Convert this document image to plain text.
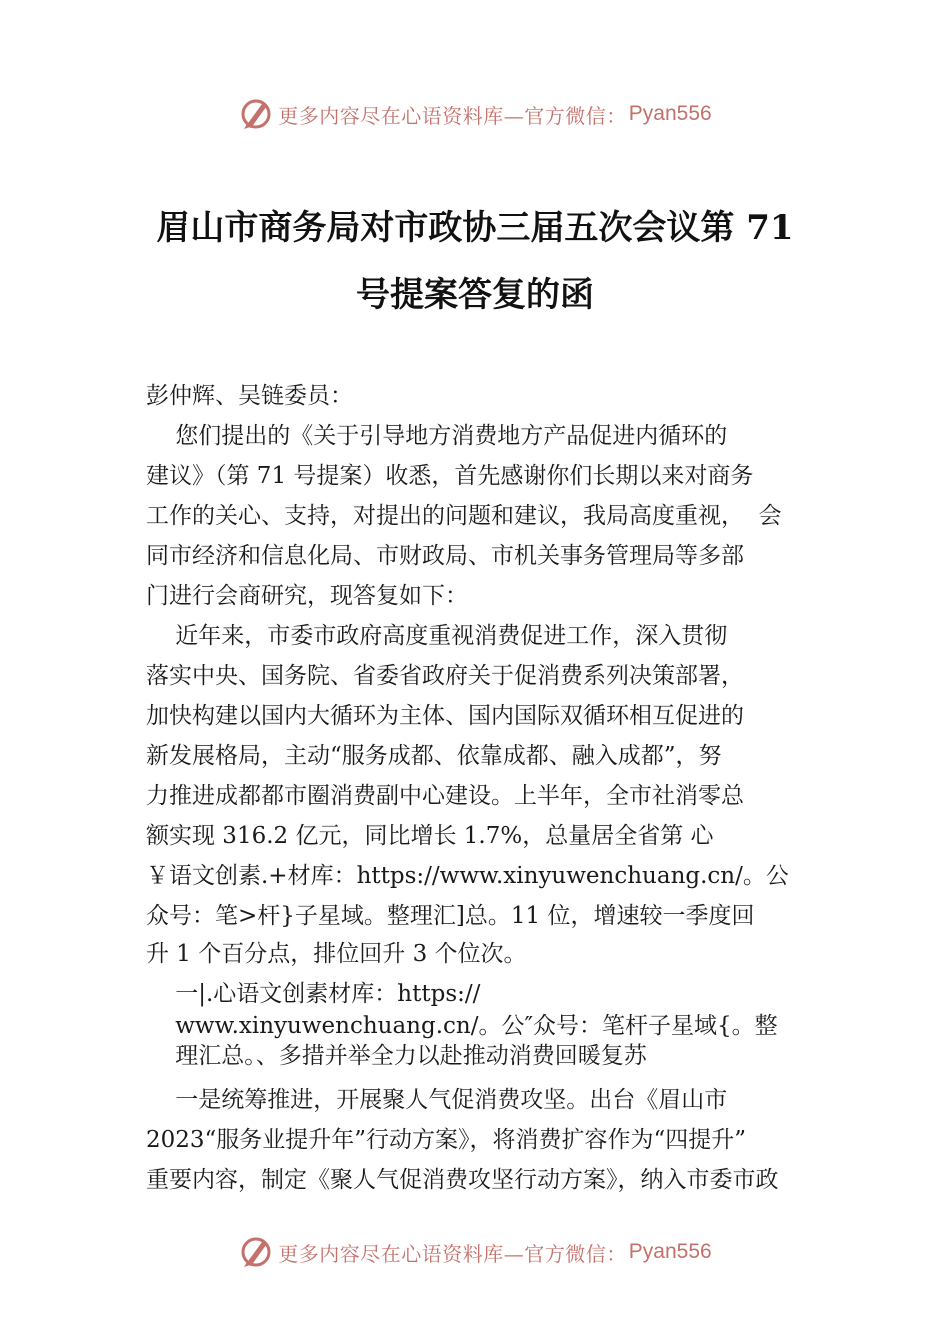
更多内容尽在心语资料库—官方微信： Pyan556
眉山市商务局对市政协三届五次会议第 71
号提案答复的函
彭仲辉、吴链委员：
您们提出的《关于引导地方消费地方产品促进内循环的
建议》（第 71 号提案）收悉，首先感谢你们长期以来对商务
工作的关心、支持，对提出的问题和建议，我局高度重视，  会
同市经济和信息化局、市财政局、市机关事务管理局等多部
门进行会商研究，现答复如下：
近年来，市委市政府高度重视消费促进工作，深入贯彻
落实中央、国务院、省委省政府关于促消费系列决策部署，
加快构建以国内大循环为主体、国内国际双循环相互促进的
新发展格局，主动“服务成都、依靠成都、融入成都”，努
力推进成都都市圈消费副中心建设。上半年，全市社消零总
额实现 316.2 亿元，同比增长 1.7%，总量居全省第 心
￥语文创素.+材库：https://www.xinyuwenchuang.cn/。公
众号：笔>杆}子星域。整理汇]总。11 位，增速较一季度回
升 1 个百分点，排位回升 3 个位次。
一|.心语文创素材库：https://
www.xinyuwenchuang.cn/。公″众号：笔杆子星域{。整
理汇总。、多措并举全力以赴推动消费回暖复苏
一是统筹推进，开展聚人气促消费攻坚。出台《眉山市
2023“服务业提升年”行动方案》，将消费扩容作为“四提升”
重要内容，制定《聚人气促消费攻坚行动方案》，纳入市委市政
更多内容尽在心语资料库—官方微信： Pyan556
